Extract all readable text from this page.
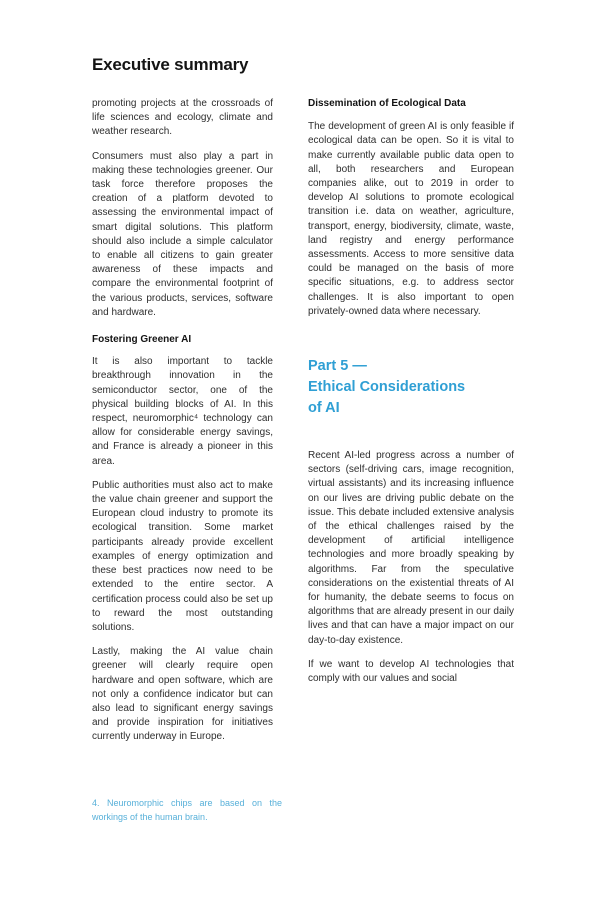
Executive summary

promoting projects at the crossroads of life sciences and ecology, climate and weather research.

Consumers must also play a part in making these technologies greener. Our task force therefore proposes the creation of a platform devoted to assessing the environmental impact of smart digital solutions. This platform should also include a simple calculator to enable all citizens to gain greater awareness of these impacts and compare the environmental footprint of the various products, services, software and hardware.

Fostering Greener AI

It is also important to tackle breakthrough innovation in the semiconductor sector, one of the physical building blocks of AI. In this respect, neuromorphic⁴ technology can allow for considerable energy savings, and France is already a pioneer in this area.

Public authorities must also act to make the value chain greener and support the European cloud industry to promote its ecological transition. Some market participants already provide excellent examples of energy optimization and these best practices now need to be extended to the entire sector. A certification process could also be set up to reward the most outstanding solutions.

Lastly, making the AI value chain greener will clearly require open hardware and open software, which are not only a confidence indicator but can also lead to significant energy savings and provide inspiration for initiatives currently underway in Europe.

Dissemination of Ecological Data

The development of green AI is only feasible if ecological data can be open. So it is vital to make currently available public data open to all, both researchers and European companies alike, out to 2019 in order to develop AI solutions to promote ecological transition i.e. data on weather, agriculture, transport, energy, biodiversity, climate, waste, land registry and energy performance assessments. Access to more sensitive data could be managed on the basis of more specific situations, e.g. to address sector challenges. It is also important to open privately-owned data where necessary.

Part 5 —
Ethical Considerations
of AI

Recent AI-led progress across a number of sectors (self-driving cars, image recognition, virtual assistants) and its increasing influence on our lives are driving public debate on the issue. This debate included extensive analysis of the ethical challenges raised by the development of artificial intelligence technologies and more broadly speaking by algorithms. Far from the speculative considerations on the existential threats of AI for humanity, the debate seems to focus on algorithms that are already present in our daily lives and that can have a major impact on our day-to-day existence.

If we want to develop AI technologies that comply with our values and social

4. Neuromorphic chips are based on the workings of the human brain.
